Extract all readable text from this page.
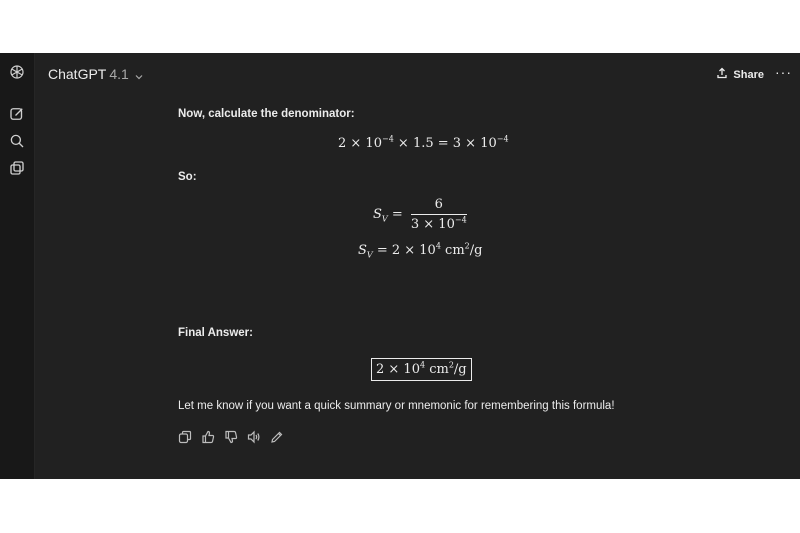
ChatGPT 4.1	Share ···
Now, calculate the denominator:
$2 \times 10^{-4} \times 1.5 = 3 \times 10^{-4}$
So:
$S_V = \frac{6}{3 \times 10^{-4}}$
$S_V = 2 \times 10^4$ $cm^2/g$
Final Answer:
$2 \times 10^4$ $cm^2/g$
Let me know if you want a quick summary or mnemonic for remembering this formula!
